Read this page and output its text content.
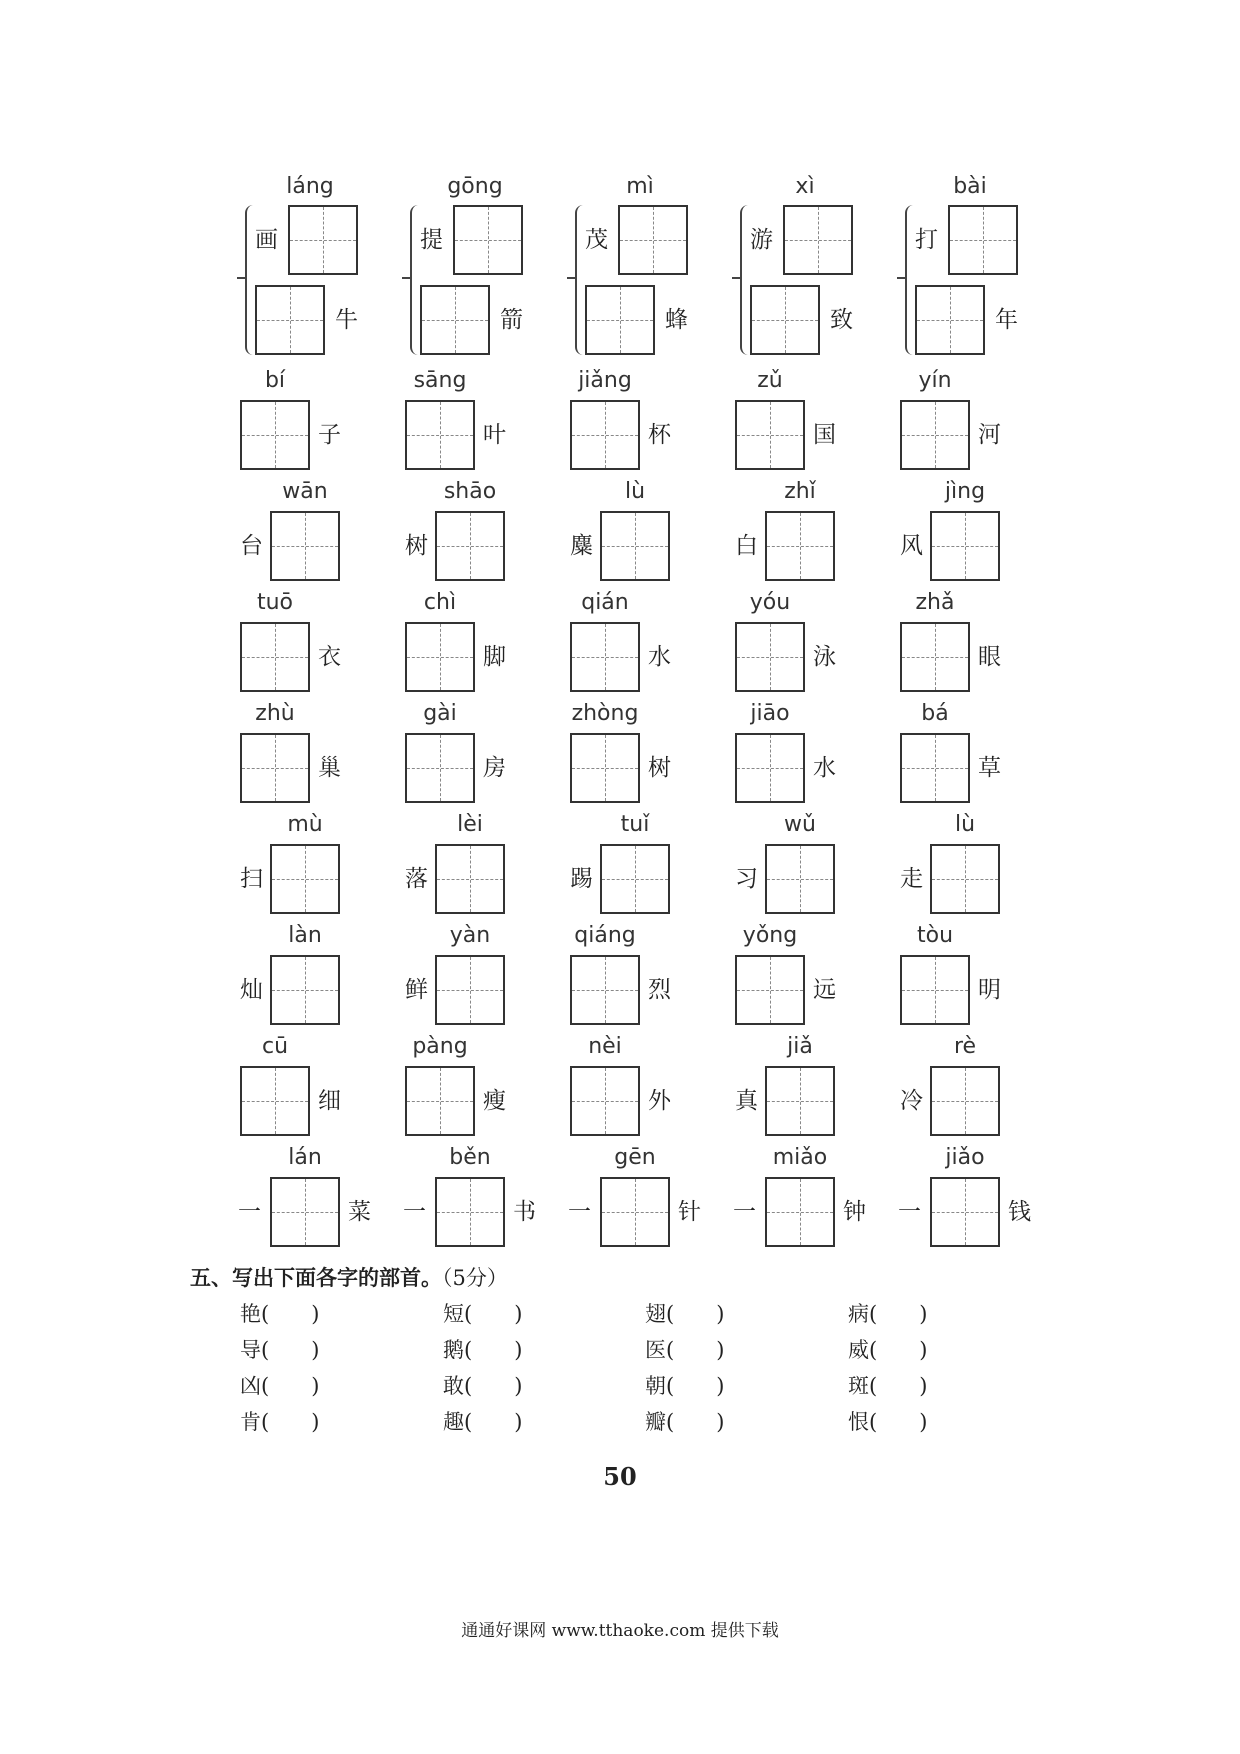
láng
画
牛
gōng
提
箭
mì
茂
蜂
xì
游
致
bài
打
年
bí
子
sāng
叶
jiǎng
杯
zǔ
国
yín
河
wān
台
shāo
树
lù
麋
zhǐ
白
jìng
风
tuō
衣
chì
脚
qián
水
yóu
泳
zhǎ
眼
zhù
巢
gài
房
zhòng
树
jiāo
水
bá
草
mù
扫
lèi
落
tuǐ
踢
wǔ
习
lù
走
làn
灿
yàn
鲜
qiáng
烈
yǒng
远
tòu
明
cū
细
pàng
瘦
nèi
外
jiǎ
真
rè
冷
lán
一	菜
běn
一	书
gēn
一	针
miǎo
一	钟
jiǎo
一	钱
艳(　　)	短(　　)	翅(　　)	病(　　)
导(　　)	鹅(　　)	医(　　)	威(　　)
凶(　　)	敢(　　)	朝(　　)	斑(　　)
肯(　　)	趣(　　)	瓣(　　)	恨(　　)
五、写出下面各字的部首。（5分）
50
通通好课网 www.tthaoke.com 提供下载
